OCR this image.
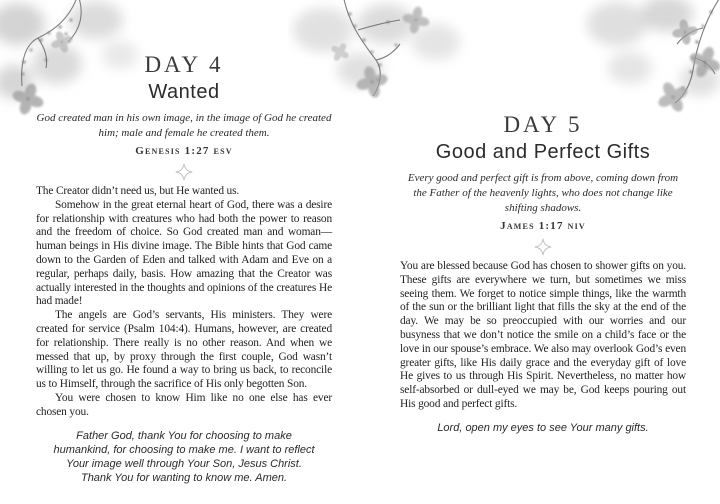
DAY 4
Wanted
God created man in his own image, in the image of God he created him; male and female he created them.
Genesis 1:27 esv

The Creator didn’t need us, but He wanted us.

Somehow in the great eternal heart of God, there was a desire for relationship with creatures who had both the power to reason and the freedom of choice. So God created man and woman—human beings in His divine image. The Bible hints that God came down to the Garden of Eden and talked with Adam and Eve on a regular, perhaps daily, basis. How amazing that the Creator was actually interested in the thoughts and opinions of the creatures He had made!

The angels are God’s servants, His ministers. They were created for service (Psalm 104:4). Humans, however, are created for relationship. There really is no other reason. And when we messed that up, by proxy through the first couple, God wasn’t willing to let us go. He found a way to bring us back, to reconcile us to Himself, through the sacrifice of His only begotten Son.

You were chosen to know Him like no one else has ever chosen you.

Father God, thank You for choosing to make humankind, for choosing to make me. I want to reflect Your image well through Your Son, Jesus Christ. Thank You for wanting to know me. Amen.
DAY 5
Good and Perfect Gifts
Every good and perfect gift is from above, coming down from the Father of the heavenly lights, who does not change like shifting shadows.
James 1:17 niv

You are blessed because God has chosen to shower gifts on you. These gifts are everywhere we turn, but sometimes we miss seeing them. We forget to notice simple things, like the warmth of the sun or the brilliant light that fills the sky at the end of the day. We may be so preoccupied with our worries and our busyness that we don’t notice the smile on a child’s face or the love in our spouse’s embrace. We also may overlook God’s even greater gifts, like His daily grace and the everyday gift of love He gives to us through His Spirit. Nevertheless, no matter how self-absorbed or dull-eyed we may be, God keeps pouring out His good and perfect gifts.

Lord, open my eyes to see Your many gifts.
